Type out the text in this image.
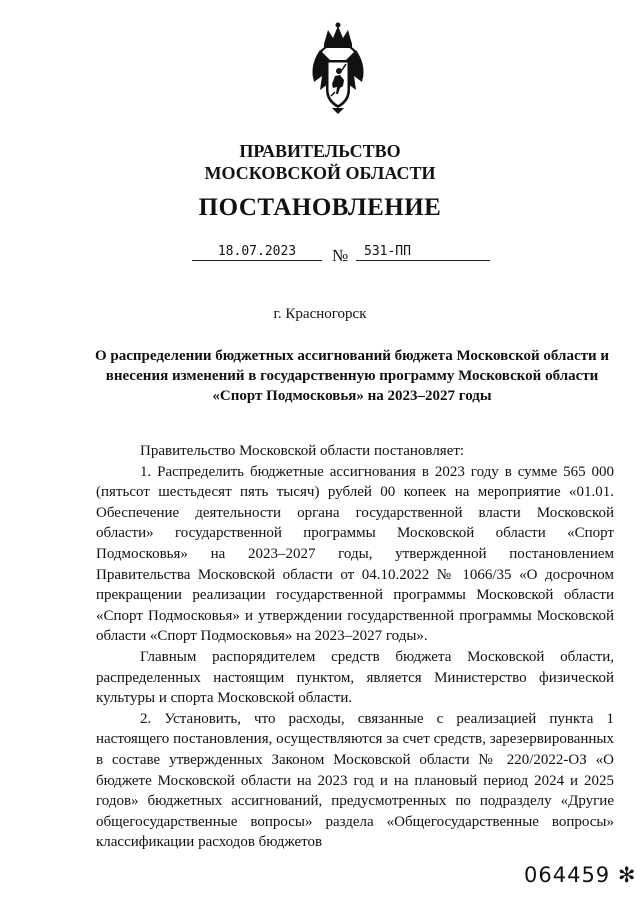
ПРАВИТЕЛЬСТВО
МОСКОВСКОЙ ОБЛАСТИ
ПОСТАНОВЛЕНИЕ
18.07.2023	№	531-ПП
г. Красногорск
О распределении бюджетных ассигнований бюджета Московской области и внесения изменений в государственную программу Московской области «Спорт Подмосковья» на 2023–2027 годы

Правительство Московской области постановляет:

1. Распределить бюджетные ассигнования в 2023 году в сумме 565 000 (пятьсот шестьдесят пять тысяч) рублей 00 копеек на мероприятие «01.01. Обеспечение деятельности органа государственной власти Московской области» государственной программы Московской области «Спорт Подмосковья» на 2023–2027 годы, утвержденной постановлением Правительства Московской области от 04.10.2022 № 1066/35 «О досрочном прекращении реализации государственной программы Московской области «Спорт Подмосковья» и утверждении государственной программы Московской области «Спорт Подмосковья» на 2023–2027 годы».

Главным распорядителем средств бюджета Московской области, распределенных настоящим пунктом, является Министерство физической культуры и спорта Московской области.

2. Установить, что расходы, связанные с реализацией пункта 1 настоящего постановления, осуществляются за счет средств, зарезервированных в составе утвержденных Законом Московской области № 220/2022-ОЗ «О бюджете Московской области на 2023 год и на плановый период 2024 и 2025 годов» бюджетных ассигнований, предусмотренных по подразделу «Другие общегосударственные вопросы» раздела «Общегосударственные вопросы» классификации расходов бюджетов

064459 ✻
